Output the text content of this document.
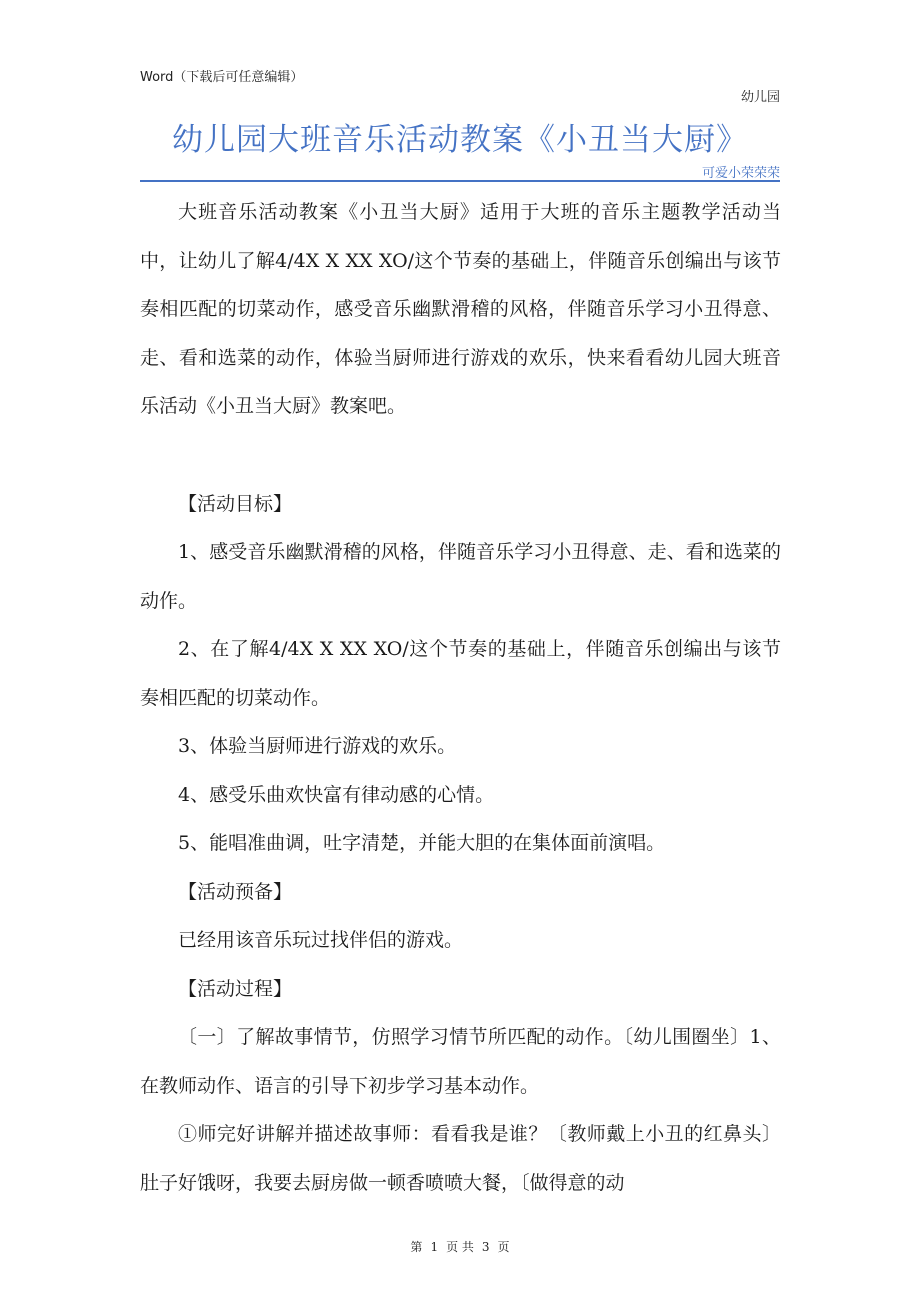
Word（下载后可任意编辑）
幼儿园
幼儿园大班音乐活动教案《小丑当大厨》
可爱小荣荣荣

大班音乐活动教案《小丑当大厨》适用于大班的音乐主题教学活动当中，让幼儿了解4/4X X XX XO/这个节奏的基础上，伴随音乐创编出与该节奏相匹配的切菜动作，感受音乐幽默滑稽的风格，伴随音乐学习小丑得意、走、看和选菜的动作，体验当厨师进行游戏的欢乐，快来看看幼儿园大班音乐活动《小丑当大厨》教案吧。

【活动目标】

1、感受音乐幽默滑稽的风格，伴随音乐学习小丑得意、走、看和选菜的动作。

2、在了解4/4X X XX XO/这个节奏的基础上，伴随音乐创编出与该节奏相匹配的切菜动作。

3、体验当厨师进行游戏的欢乐。

4、感受乐曲欢快富有律动感的心情。

5、能唱准曲调，吐字清楚，并能大胆的在集体面前演唱。

【活动预备】

已经用该音乐玩过找伴侣的游戏。

【活动过程】

〔一〕了解故事情节，仿照学习情节所匹配的动作。〔幼儿围圈坐〕1、在教师动作、语言的引导下初步学习基本动作。

①师完好讲解并描述故事师：看看我是谁？〔教师戴上小丑的红鼻头〕肚子好饿呀，我要去厨房做一顿香喷喷大餐，〔做得意的动

第 1 页 共 3 页
